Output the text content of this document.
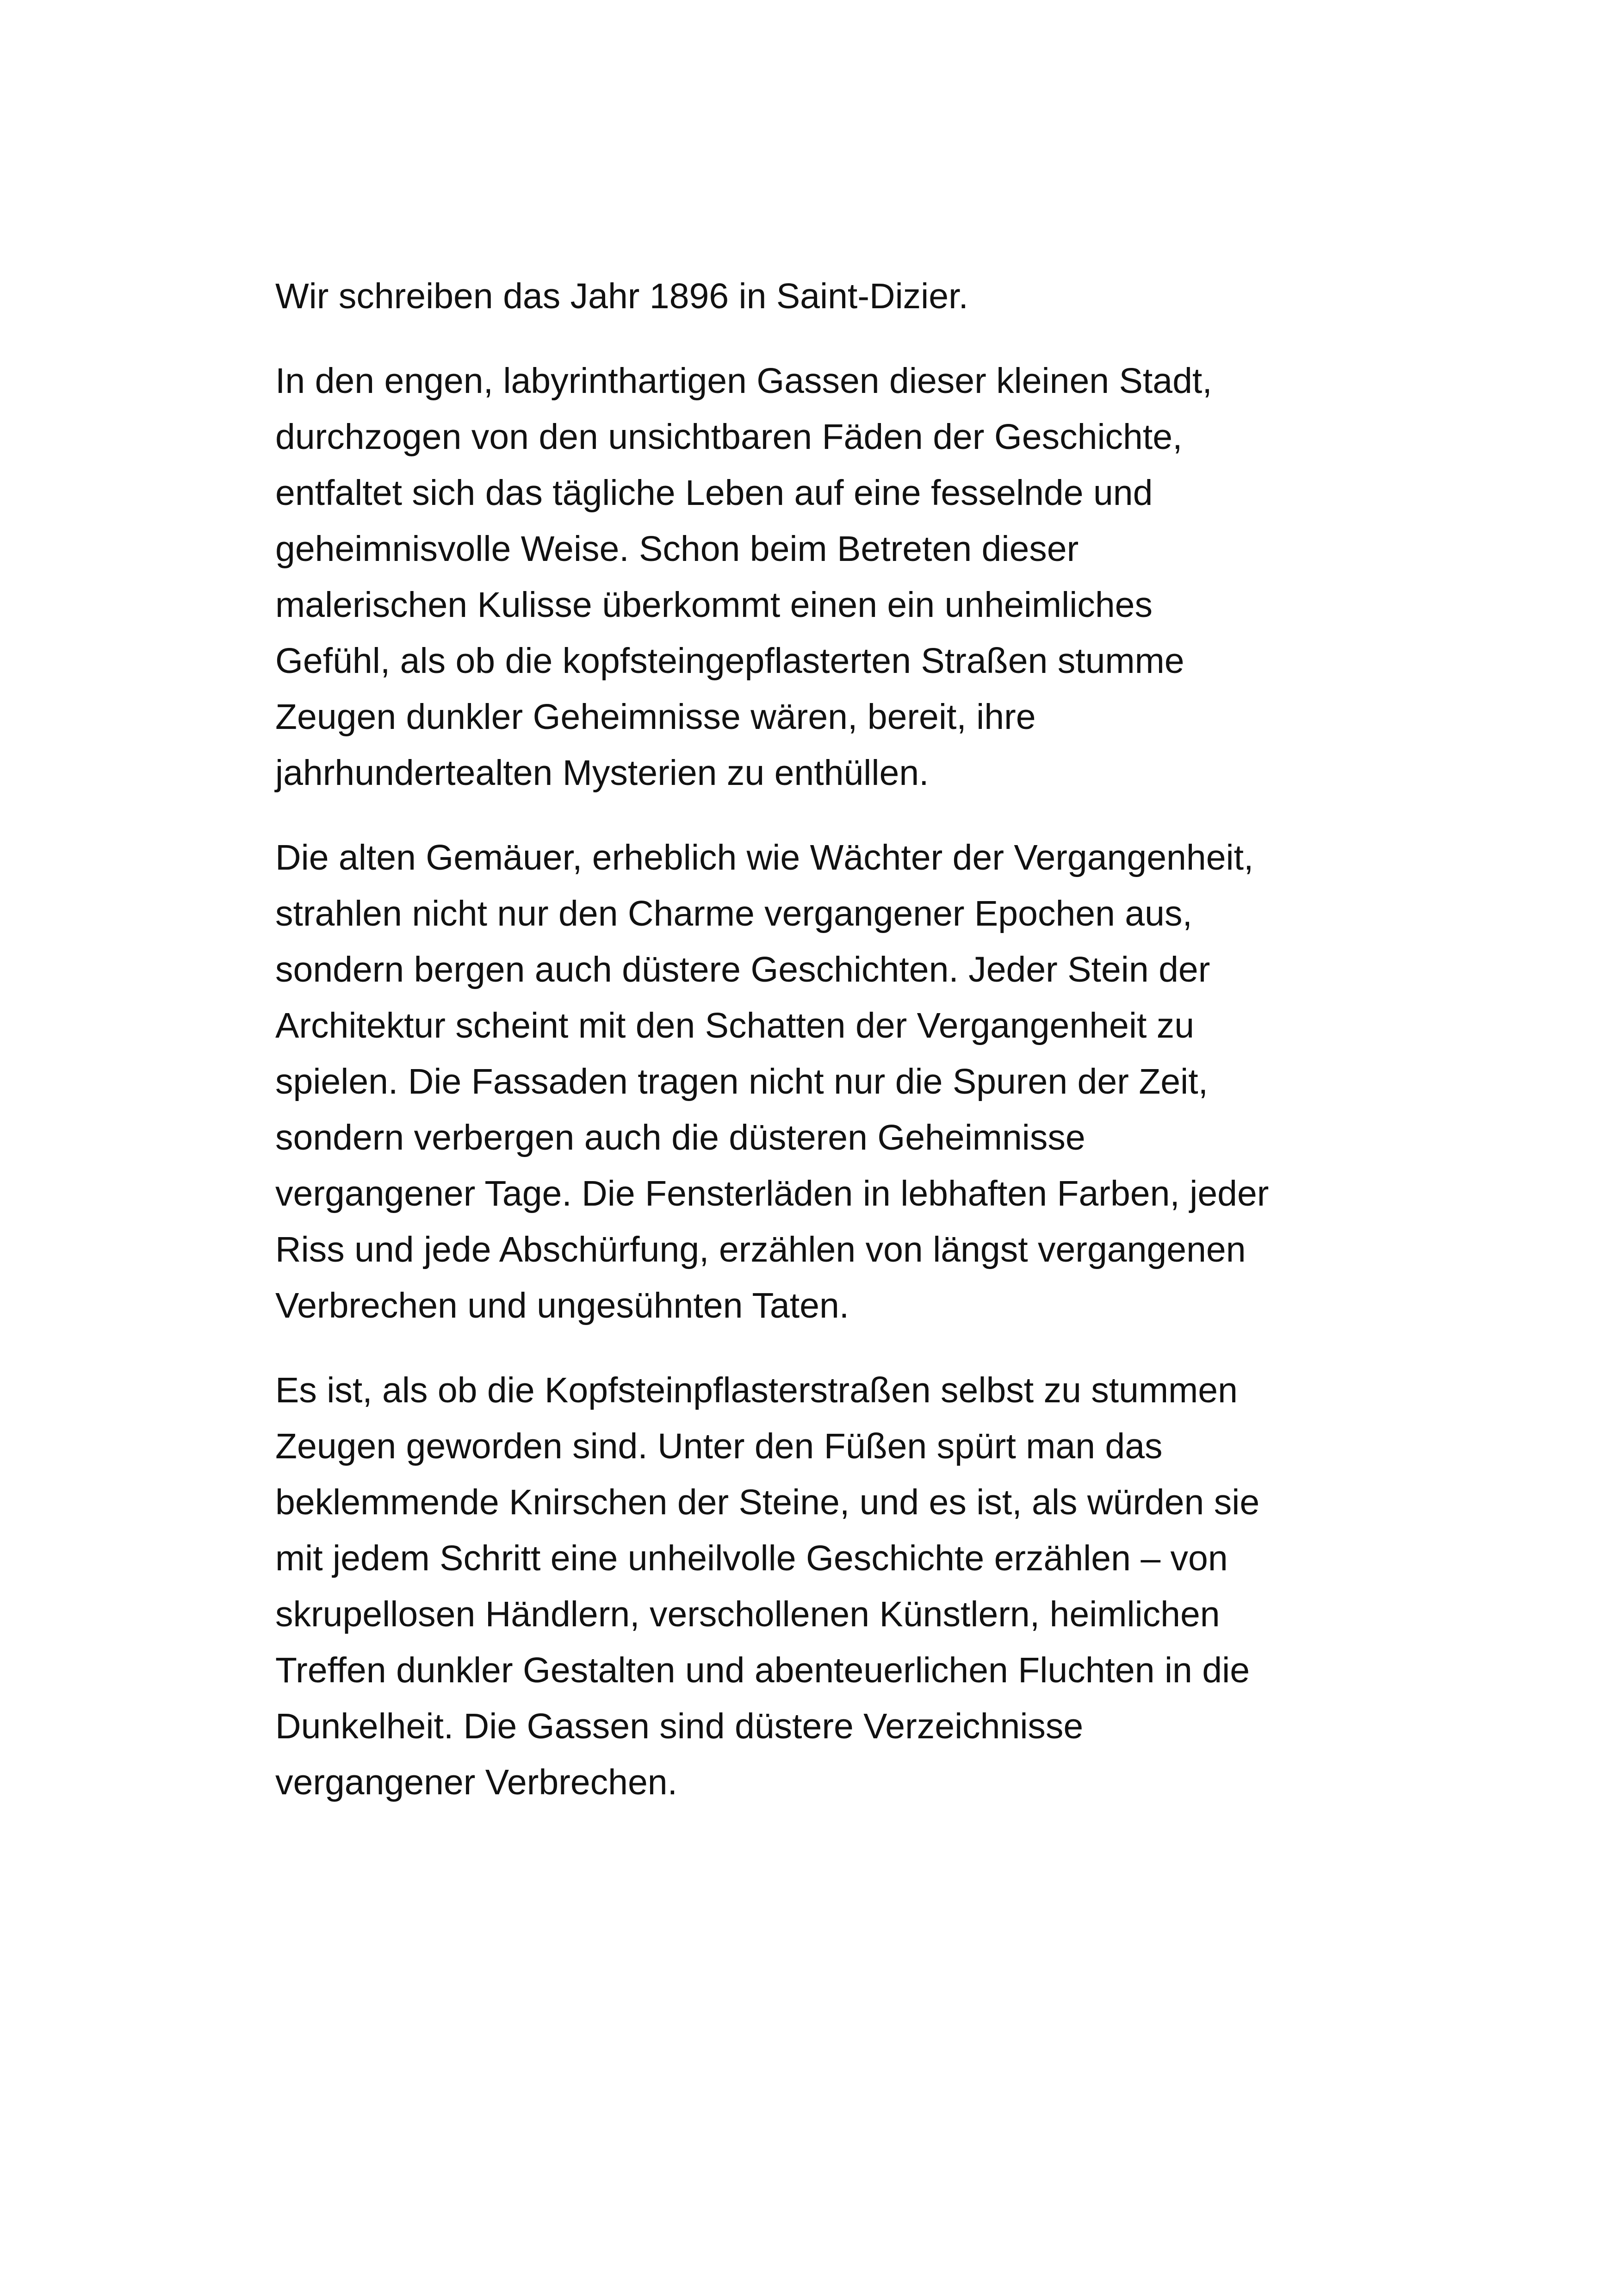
Wir schreiben das Jahr 1896 in Saint-Dizier.

In den engen, labyrinthartigen Gassen dieser kleinen Stadt,
durchzogen von den unsichtbaren Fäden der Geschichte,
entfaltet sich das tägliche Leben auf eine fesselnde und
geheimnisvolle Weise. Schon beim Betreten dieser
malerischen Kulisse überkommt einen ein unheimliches
Gefühl, als ob die kopfsteingepflasterten Straßen stumme
Zeugen dunkler Geheimnisse wären, bereit, ihre
jahrhundertealten Mysterien zu enthüllen.

Die alten Gemäuer, erheblich wie Wächter der Vergangenheit,
strahlen nicht nur den Charme vergangener Epochen aus,
sondern bergen auch düstere Geschichten. Jeder Stein der
Architektur scheint mit den Schatten der Vergangenheit zu
spielen. Die Fassaden tragen nicht nur die Spuren der Zeit,
sondern verbergen auch die düsteren Geheimnisse
vergangener Tage. Die Fensterläden in lebhaften Farben, jeder
Riss und jede Abschürfung, erzählen von längst vergangenen
Verbrechen und ungesühnten Taten.

Es ist, als ob die Kopfsteinpflasterstraßen selbst zu stummen
Zeugen geworden sind. Unter den Füßen spürt man das
beklemmende Knirschen der Steine, und es ist, als würden sie
mit jedem Schritt eine unheilvolle Geschichte erzählen – von
skrupellosen Händlern, verschollenen Künstlern, heimlichen
Treffen dunkler Gestalten und abenteuerlichen Fluchten in die
Dunkelheit. Die Gassen sind düstere Verzeichnisse
vergangener Verbrechen.
